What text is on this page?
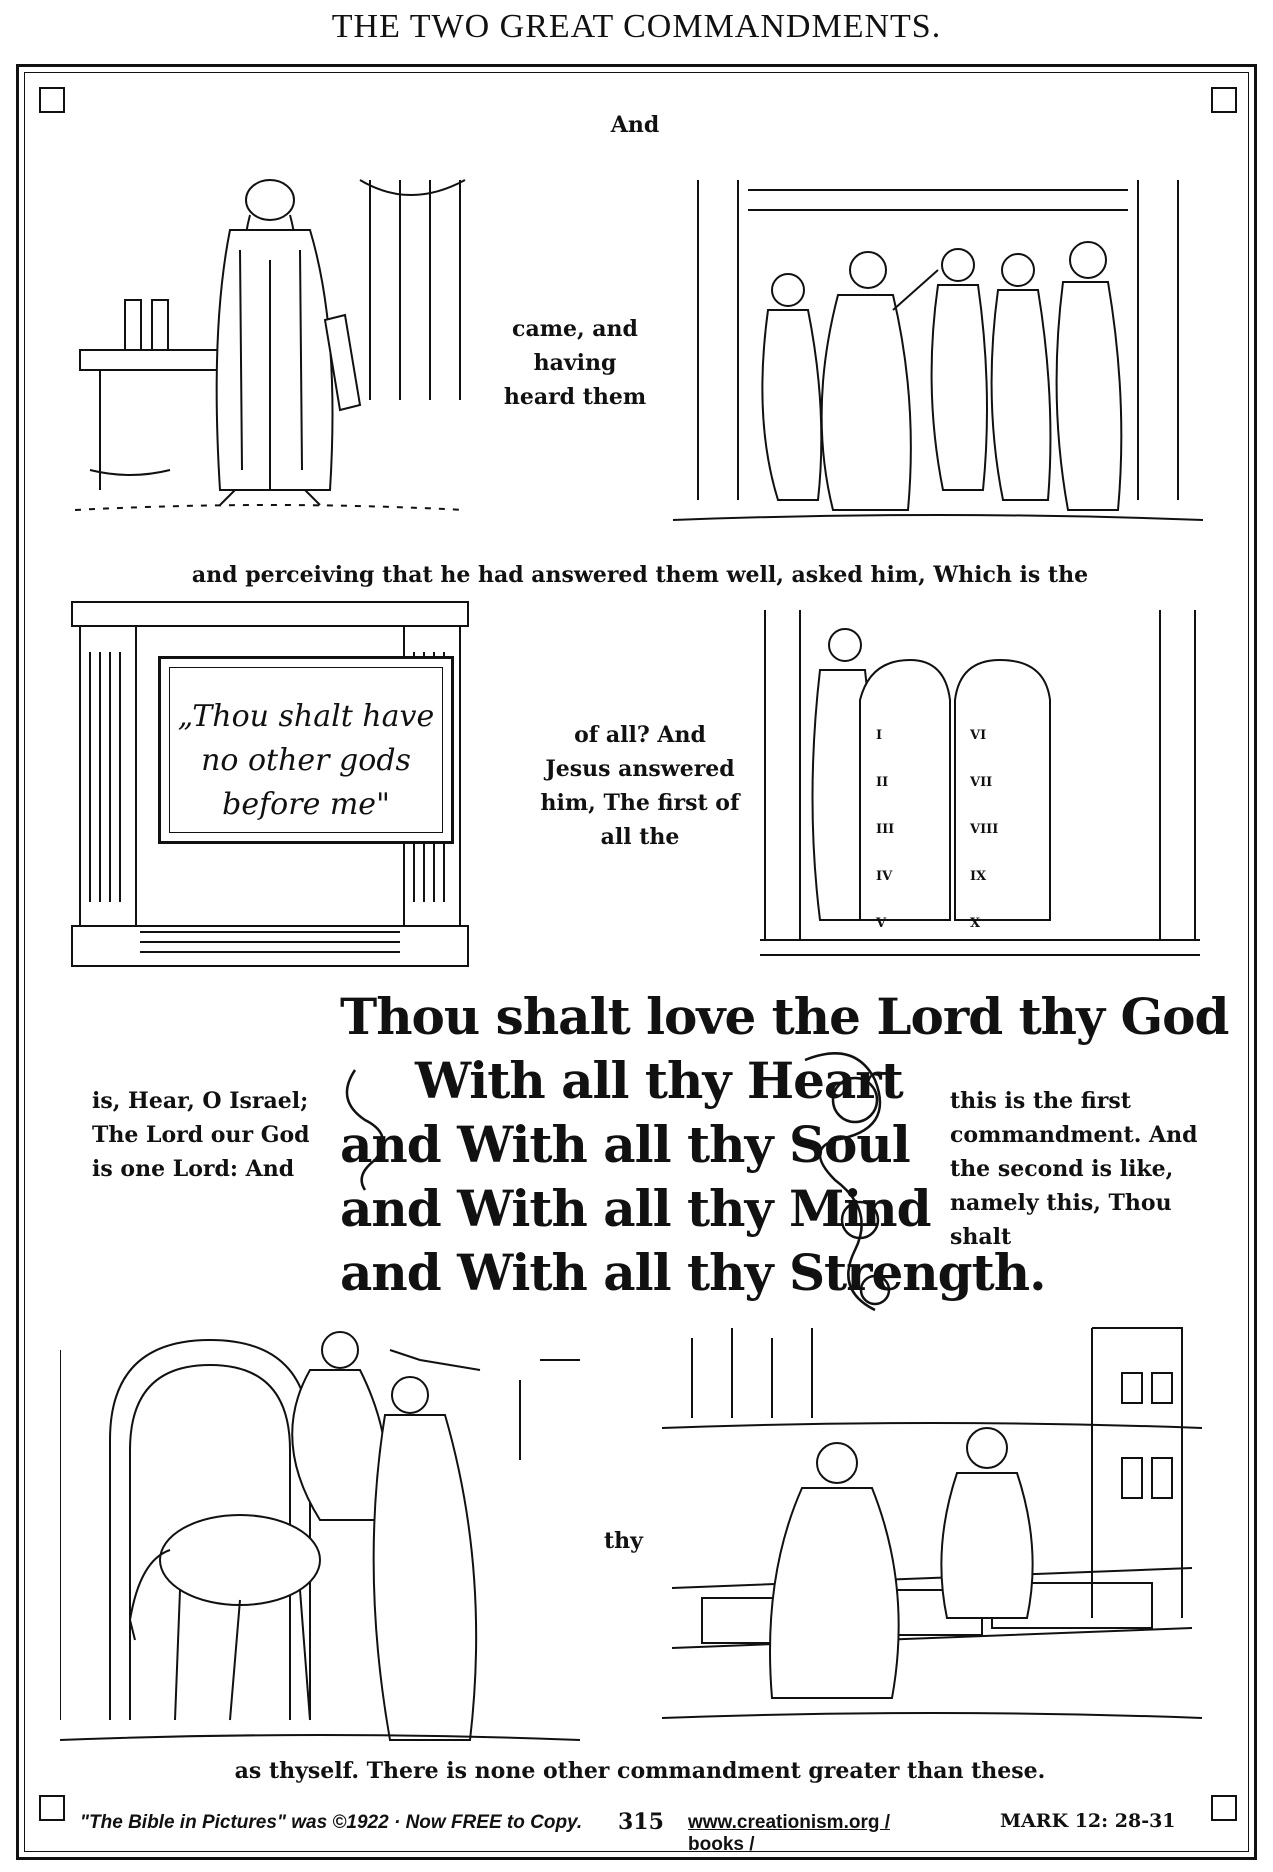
THE TWO GREAT COMMANDMENTS.
And
came, and having heard them
and perceiving that he had answered them well, asked him, Which is the
„Thou shalt have no other gods before me"
of all? And Jesus answered him, The first of all the
I
II
III
IV
V
VI
VII
VIII
IX
X
is, Hear, O Israel; The Lord our God is one Lord: And
Thou shalt love the Lord thy God
With all thy Heart
and With all thy Soul
and With all thy Mind
and With all thy Strength.
this is the first commandment. And the second is like, namely this, Thou shalt
thy
as thyself. There is none other commandment greater than these.
"The Bible in Pictures" was ©1922 · Now FREE to Copy.	315 www.creationism.org / books /
MARK 12: 28-31
